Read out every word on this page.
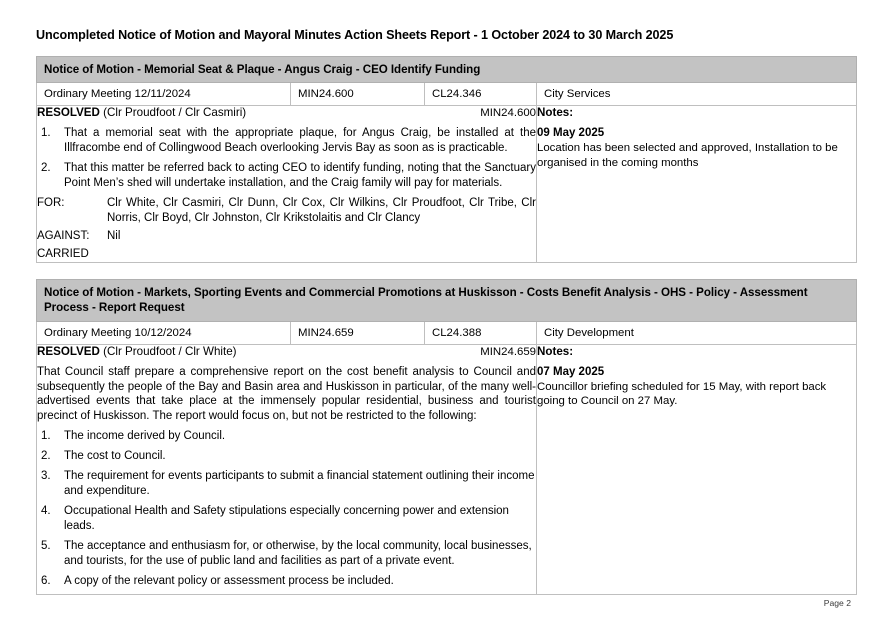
Uncompleted Notice of Motion and Mayoral Minutes Action Sheets Report - 1 October 2024 to 30 March 2025
Notice of Motion - Memorial Seat & Plaque - Angus Craig - CEO Identify Funding			
Ordinary Meeting 12/11/2024	MIN24.600	CL24.346	City Services

RESOLVED (Clr Proudfoot / Clr Casmiri)	MIN24.600
1. That a memorial seat with the appropriate plaque, for Angus Craig, be installed at the Illfracombe end of Collingwood Beach overlooking Jervis Bay as soon as is practicable.
2. That this matter be referred back to acting CEO to identify funding, noting that the Sanctuary Point Men’s shed will undertake installation, and the Craig family will pay for materials.
FOR:	Clr White, Clr Casmiri, Clr Dunn, Clr Cox, Clr Wilkins, Clr Proudfoot, Clr Tribe, Clr Norris, Clr Boyd, Clr Johnston, Clr Krikstolaitis and Clr Clancy
AGAINST:	Nil
CARRIED

Notes:
09 May 2025
Location has been selected and approved, Installation to be organised in the coming months
Notice of Motion - Markets, Sporting Events and Commercial Promotions at Huskisson - Costs Benefit Analysis - OHS - Policy - Assessment Process - Report Request			
Ordinary Meeting 10/12/2024	MIN24.659	CL24.388	City Development

RESOLVED (Clr Proudfoot / Clr White)	MIN24.659

That Council staff prepare a comprehensive report on the cost benefit analysis to Council and subsequently the people of the Bay and Basin area and Huskisson in particular, of the many well-advertised events that take place at the immensely popular residential, business and tourist precinct of Huskisson. The report would focus on, but not be restricted to the following:

1. The income derived by Council.
2. The cost to Council.
3. The requirement for events participants to submit a financial statement outlining their income and expenditure.
4. Occupational Health and Safety stipulations especially concerning power and extension leads.
5. The acceptance and enthusiasm for, or otherwise, by the local community, local businesses, and tourists, for the use of public land and facilities as part of a private event.
6. A copy of the relevant policy or assessment process be included.

Notes:
07 May 2025
Councillor briefing scheduled for 15 May, with report back going to Council on 27 May.
Page 2
